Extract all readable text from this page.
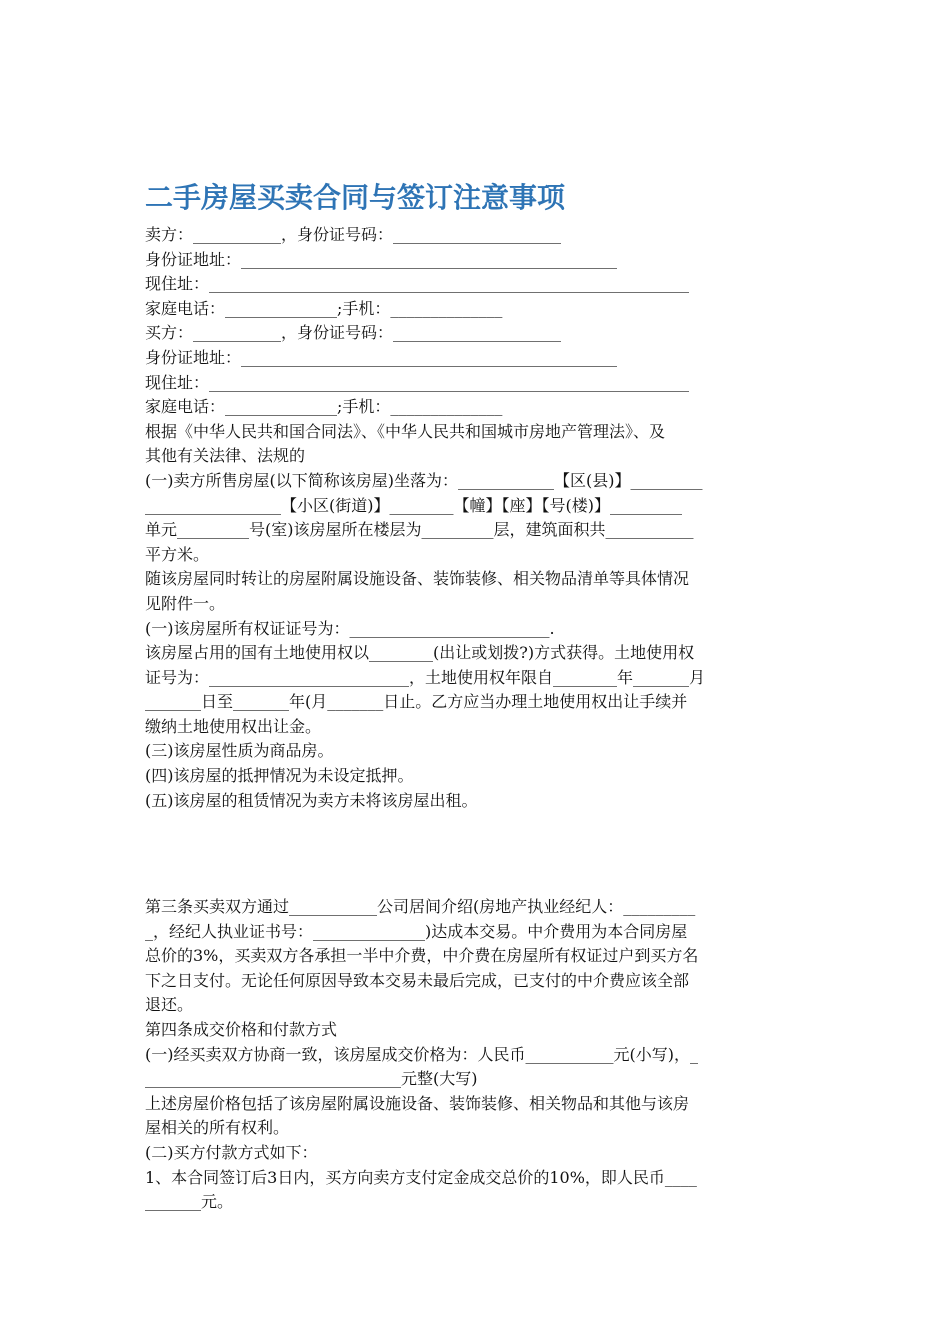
二手房屋买卖合同与签订注意事项
卖方：___________，身份证号码：_____________________
身份证地址：_______________________________________________
现住址：____________________________________________________________
家庭电话：______________;手机：______________
买方：___________，身份证号码：_____________________
身份证地址：_______________________________________________
现住址：____________________________________________________________
家庭电话：______________;手机：______________
根据《中华人民共和国合同法》、《中华人民共和国城市房地产管理法》、及
其他有关法律、法规的
(一)卖方所售房屋(以下简称该房屋)坐落为：____________【区(县)】_________
_________________【小区(街道)】________【幢】【座】【号(楼)】_________
单元_________号(室)该房屋所在楼层为_________层，建筑面积共___________
平方米。
随该房屋同时转让的房屋附属设施设备、装饰装修、相关物品清单等具体情况
见附件一。
(一)该房屋所有权证证号为：_________________________.
该房屋占用的国有土地使用权以________(出让或划拨?)方式获得。土地使用权
证号为：_________________________，土地使用权年限自________年_______月
_______日至_______年(月_______日止。乙方应当办理土地使用权出让手续并
缴纳土地使用权出让金。
(三)该房屋性质为商品房。
(四)该房屋的抵押情况为未设定抵押。
(五)该房屋的租赁情况为卖方未将该房屋出租。
第三条买卖双方通过___________公司居间介绍(房地产执业经纪人：_________
_，经纪人执业证书号：______________)达成本交易。中介费用为本合同房屋
总价的3%，买卖双方各承担一半中介费，中介费在房屋所有权证过户到买方名
下之日支付。无论任何原因导致本交易未最后完成，已支付的中介费应该全部
退还。
第四条成交价格和付款方式
(一)经买卖双方协商一致，该房屋成交价格为：人民币___________元(小写)，_
________________________________元整(大写)
上述房屋价格包括了该房屋附属设施设备、装饰装修、相关物品和其他与该房
屋相关的所有权利。
(二)买方付款方式如下：
1、本合同签订后3日内，买方向卖方支付定金成交总价的10%，即人民币____
_______元。
